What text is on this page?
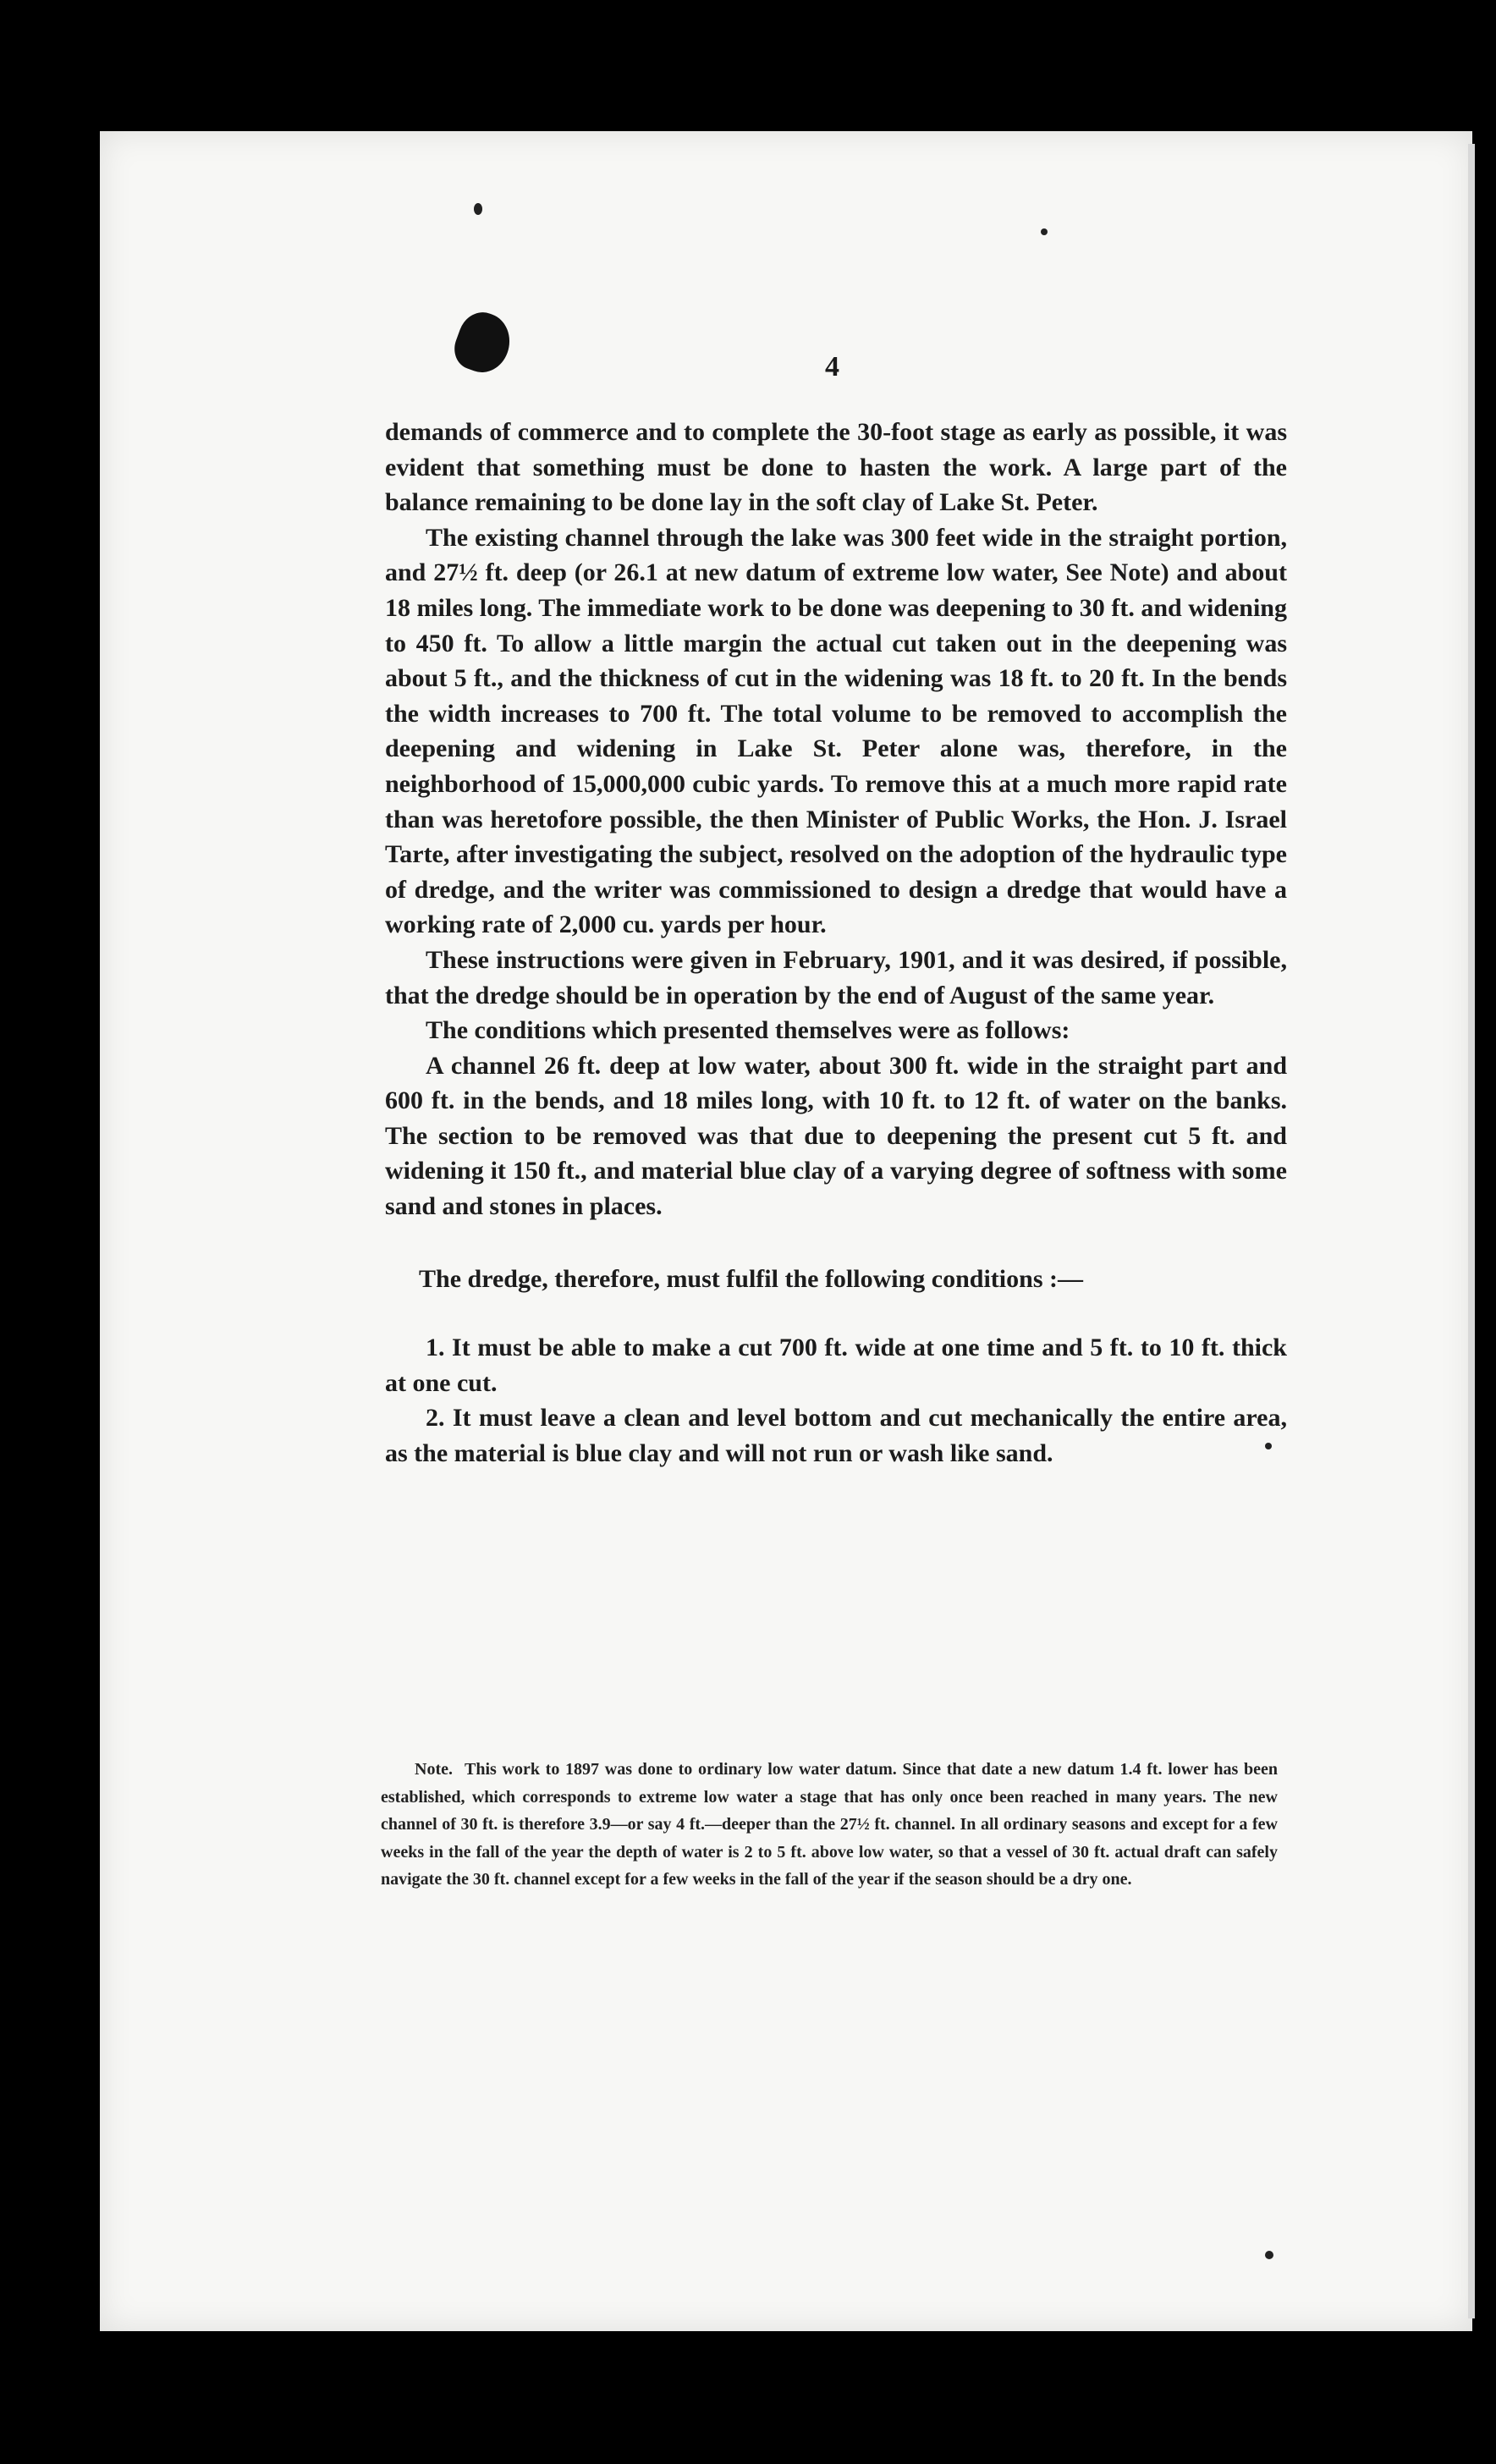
4

demands of commerce and to complete the 30-foot stage as early as possible, it was evident that something must be done to hasten the work. A large part of the balance remaining to be done lay in the soft clay of Lake St. Peter.

The existing channel through the lake was 300 feet wide in the straight portion, and 27½ ft. deep (or 26.1 at new datum of extreme low water, See Note) and about 18 miles long. The immediate work to be done was deepening to 30 ft. and widening to 450 ft. To allow a little margin the actual cut taken out in the deepening was about 5 ft., and the thickness of cut in the widening was 18 ft. to 20 ft. In the bends the width increases to 700 ft. The total volume to be removed to accomplish the deepening and widening in Lake St. Peter alone was, therefore, in the neighborhood of 15,000,000 cubic yards. To remove this at a much more rapid rate than was heretofore possible, the then Minister of Public Works, the Hon. J. Israel Tarte, after investigating the subject, resolved on the adoption of the hydraulic type of dredge, and the writer was commissioned to design a dredge that would have a working rate of 2,000 cu. yards per hour.

These instructions were given in February, 1901, and it was desired, if possible, that the dredge should be in operation by the end of August of the same year.

The conditions which presented themselves were as follows:

A channel 26 ft. deep at low water, about 300 ft. wide in the straight part and 600 ft. in the bends, and 18 miles long, with 10 ft. to 12 ft. of water on the banks. The section to be removed was that due to deepening the present cut 5 ft. and widening it 150 ft., and material blue clay of a varying degree of softness with some sand and stones in places.

The dredge, therefore, must fulfil the following conditions :—

1. It must be able to make a cut 700 ft. wide at one time and 5 ft. to 10 ft. thick at one cut.
2. It must leave a clean and level bottom and cut mechanically the entire area, as the material is blue clay and will not run or wash like sand.
Note. This work to 1897 was done to ordinary low water datum. Since that date a new datum 1.4 ft. lower has been established, which corresponds to extreme low water a stage that has only once been reached in many years. The new channel of 30 ft. is therefore 3.9—or say 4 ft.—deeper than the 27½ ft. channel. In all ordinary seasons and except for a few weeks in the fall of the year the depth of water is 2 to 5 ft. above low water, so that a vessel of 30 ft. actual draft can safely navigate the 30 ft. channel except for a few weeks in the fall of the year if the season should be a dry one.
